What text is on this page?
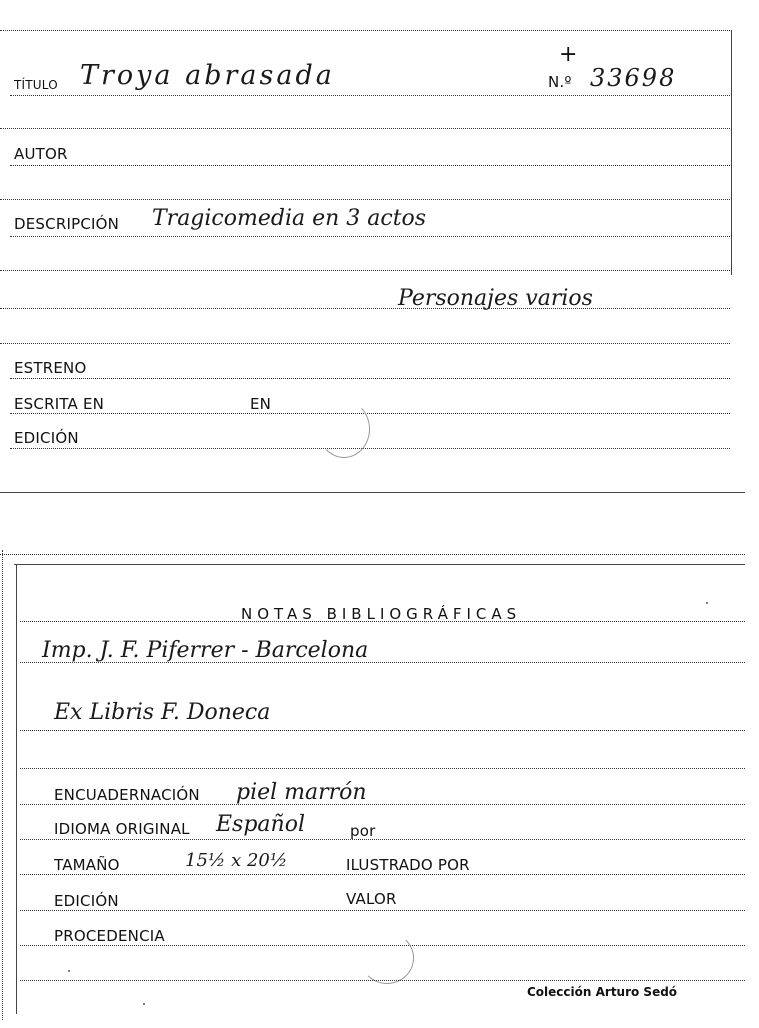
TÍTULO Troya abrasada
+
N.º 33698
AUTOR
DESCRIPCIÓN Tragicomedia en 3 actos
Personajes varios
ESTRENO
ESCRITA EN	EN
EDICIÓN
NOTAS BIBLIOGRÁFICAS
Imp. J. F. Piferrer - Barcelona
Ex Libris F. Doneca
ENCUADERNACIÓN piel marrón
IDIOMA ORIGINAL Español	por
TAMAÑO	15½ x 20½	ILUSTRADO POR
EDICIÓN	VALOR
PROCEDENCIA
Colección Arturo Sedó
